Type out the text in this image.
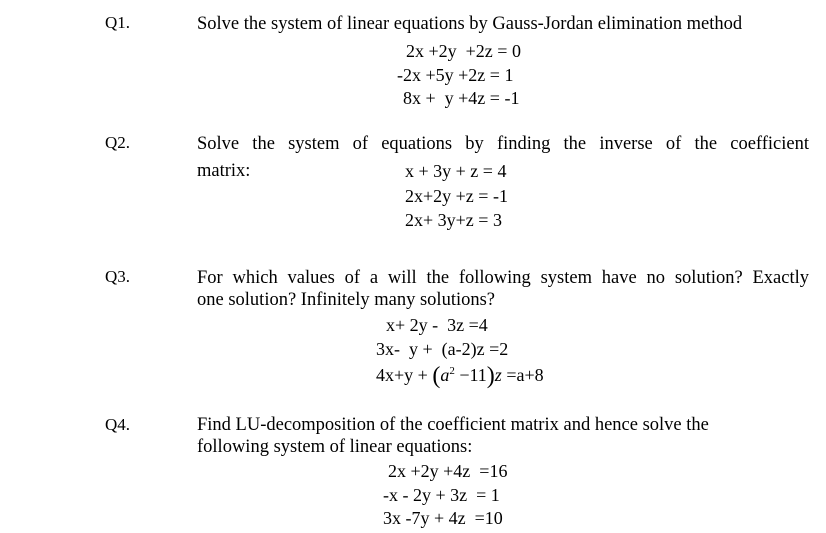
Q1.	Solve the system of linear equations by Gauss-Jordan elimination method
2x +2y  +2z = 0
-2x +5y +2z = 1
8x +  y +4z = -1
Q2.	Solve the system of equations by finding the inverse of the coefficient
matrix:	x + 3y + z = 4
2x+2y +z = -1
2x+ 3y+z = 3
Q3.	For which values of a will the following system have no solution? Exactly
one solution? Infinitely many solutions?
x+ 2y -  3z =4
3x-  y +  (a-2)z =2
$4x+y + (a^2 -11)z =a+8$
Q4.	Find LU-decomposition of the coefficient matrix and hence solve the
following system of linear equations:
2x +2y +4z  =16
-x - 2y + 3z  = 1
3x -7y + 4z  =10
